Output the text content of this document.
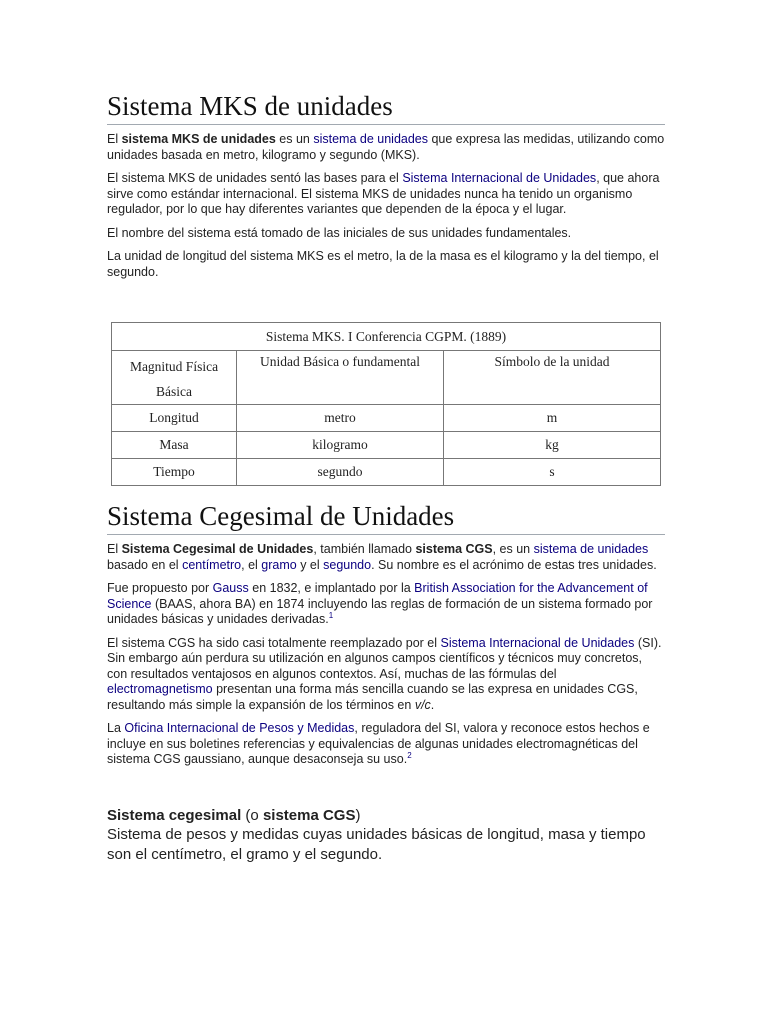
Sistema MKS de unidades

El sistema MKS de unidades es un sistema de unidades que expresa las medidas, utilizando como unidades basada en metro, kilogramo y segundo (MKS).

El sistema MKS de unidades sentó las bases para el Sistema Internacional de Unidades, que ahora sirve como estándar internacional. El sistema MKS de unidades nunca ha tenido un organismo regulador, por lo que hay diferentes variantes que dependen de la época y el lugar.

El nombre del sistema está tomado de las iniciales de sus unidades fundamentales.

La unidad de longitud del sistema MKS es el metro, la de la masa es el kilogramo y la del tiempo, el segundo.

Sistema MKS. I Conferencia CGPM. (1889)		
Magnitud Física Básica	Unidad Básica o fundamental	Símbolo de la unidad
Longitud	metro	m
Masa	kilogramo	kg
Tiempo	segundo	s
Sistema Cegesimal de Unidades

El Sistema Cegesimal de Unidades, también llamado sistema CGS, es un sistema de unidades basado en el centímetro, el gramo y el segundo. Su nombre es el acrónimo de estas tres unidades.

Fue propuesto por Gauss en 1832, e implantado por la British Association for the Advancement of Science (BAAS, ahora BA) en 1874 incluyendo las reglas de formación de un sistema formado por unidades básicas y unidades derivadas.$^1$

El sistema CGS ha sido casi totalmente reemplazado por el Sistema Internacional de Unidades (SI). Sin embargo aún perdura su utilización en algunos campos científicos y técnicos muy concretos, con resultados ventajosos en algunos contextos. Así, muchas de las fórmulas del electromagnetismo presentan una forma más sencilla cuando se las expresa en unidades CGS, resultando más simple la expansión de los términos en v/c.

La Oficina Internacional de Pesos y Medidas, reguladora del SI, valora y reconoce estos hechos e incluye en sus boletines referencias y equivalencias de algunas unidades electromagnéticas del sistema CGS gaussiano, aunque desaconseja su uso.$^2$

Sistema cegesimal (o sistema CGS)

Sistema de pesos y medidas cuyas unidades básicas de longitud, masa y tiempo son el centímetro, el gramo y el segundo.
